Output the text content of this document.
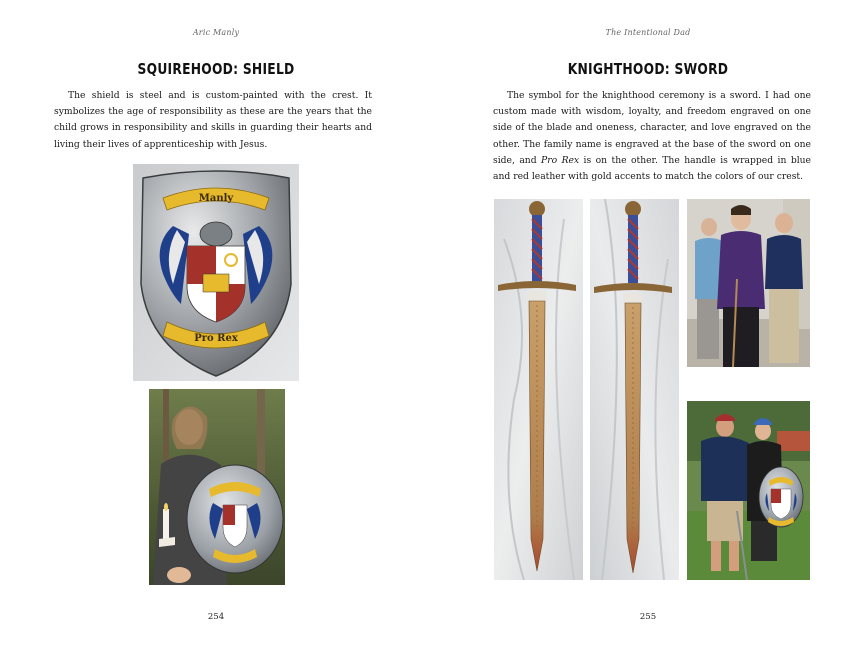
Aric Manly
SQUIREHOOD: SHIELD

The shield is steel and is custom-painted with the crest. It symbolizes the age of responsibility as these are the years that the child grows in responsibility and skills in guarding their hearts and living their lives of apprenticeship with Jesus.

Manly
Pro Rex
254
The Intentional Dad
KNIGHTHOOD: SWORD
255

The symbol for the knighthood ceremony is a sword. I had one custom made with wisdom, loyalty, and freedom engraved on one side of the blade and oneness, character, and love engraved on the other. The family name is engraved at the base of the sword on one side, and Pro Rex is on the other. The handle is wrapped in blue and red leather with gold accents to match the colors of our crest.
